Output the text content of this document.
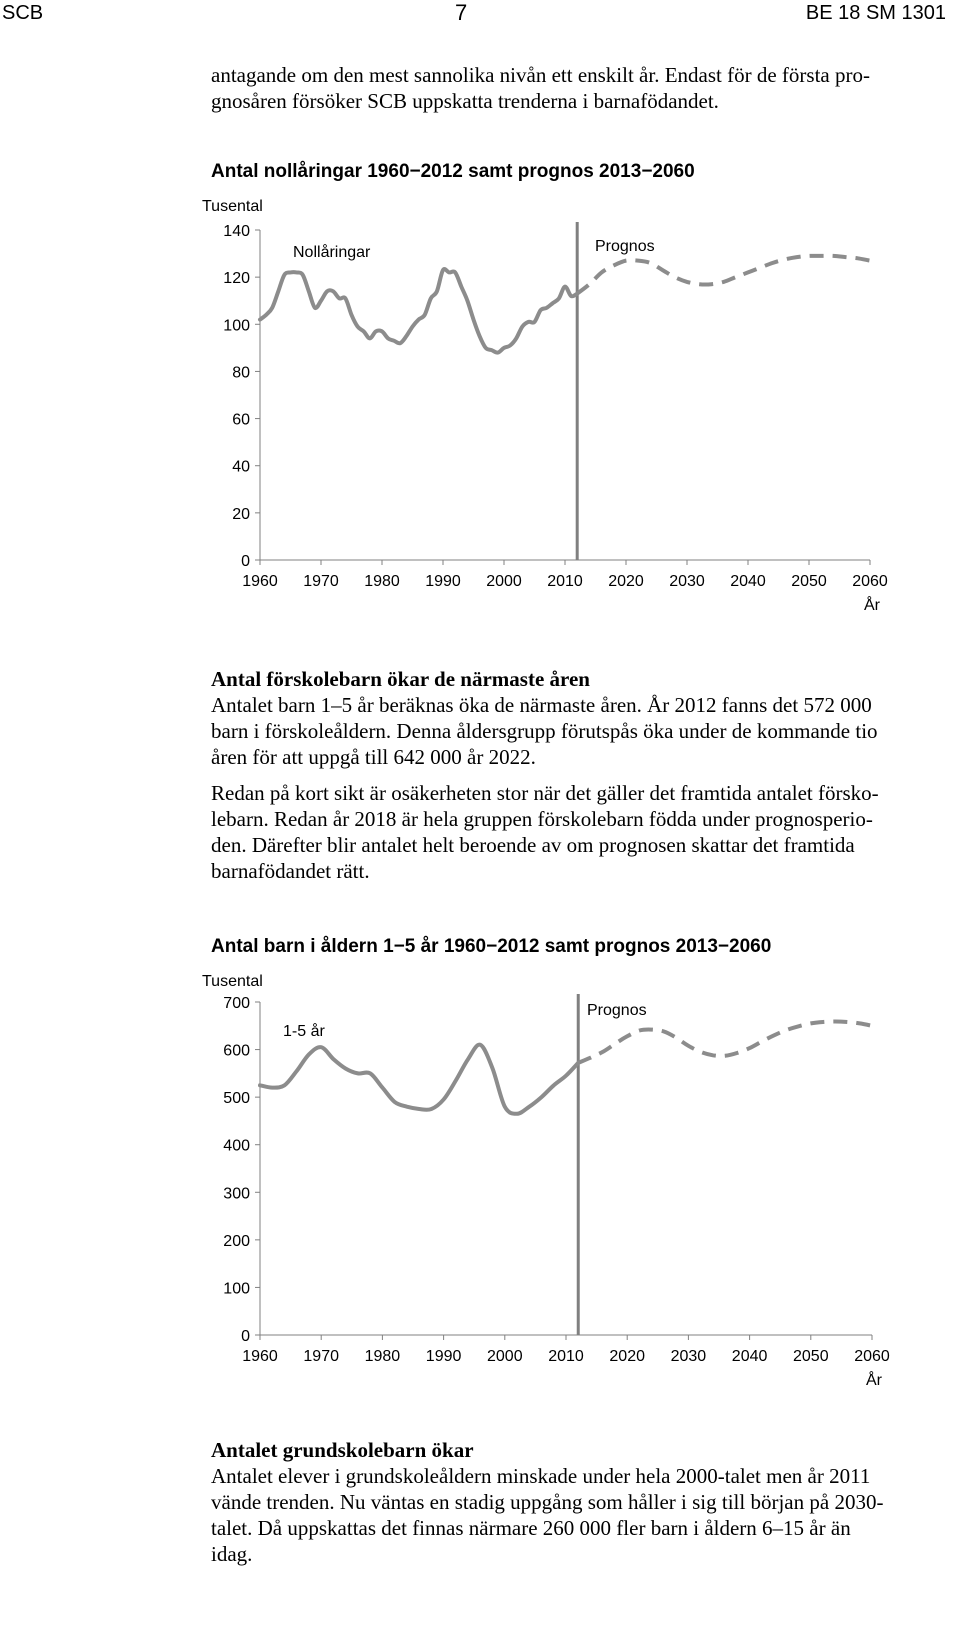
SCB	7	BE 18 SM 1301
antagande om den mest sannolika nivån ett enskilt år. Endast för de första pro-
gnosåren försöker SCB uppskatta trenderna i barnafödandet.
Antal nollåringar 1960−2012 samt prognos 2013−2060
Tusental
0
20
40
60
80
100
120
140
1960 1970 1980 1990 2000 2010 2020 2030 2040 2050 2060
År
Nollåringar	Prognos
Antal förskolebarn ökar de närmaste åren
Antalet barn 1–5 år beräknas öka de närmaste åren. År 2012 fanns det 572 000
barn i förskoleåldern. Denna åldersgrupp förutspås öka under de kommande tio
åren för att uppgå till 642 000 år 2022.
Redan på kort sikt är osäkerheten stor när det gäller det framtida antalet försko-
lebarn. Redan år 2018 är hela gruppen förskolebarn födda under prognosperio-
den. Därefter blir antalet helt beroende av om prognosen skattar det framtida
barnafödandet rätt.
Antal barn i åldern 1−5 år 1960−2012 samt prognos 2013−2060
Tusental
0
100
200
300
400
500
600
700
1960 1970 1980 1990 2000 2010 2020 2030 2040 2050 2060
År
1-5 år
Prognos
Antalet grundskolebarn ökar
Antalet elever i grundskoleåldern minskade under hela 2000-talet men år 2011
vände trenden. Nu väntas en stadig uppgång som håller i sig till början på 2030-
talet. Då uppskattas det finnas närmare 260 000 fler barn i åldern 6–15 år än
idag.
